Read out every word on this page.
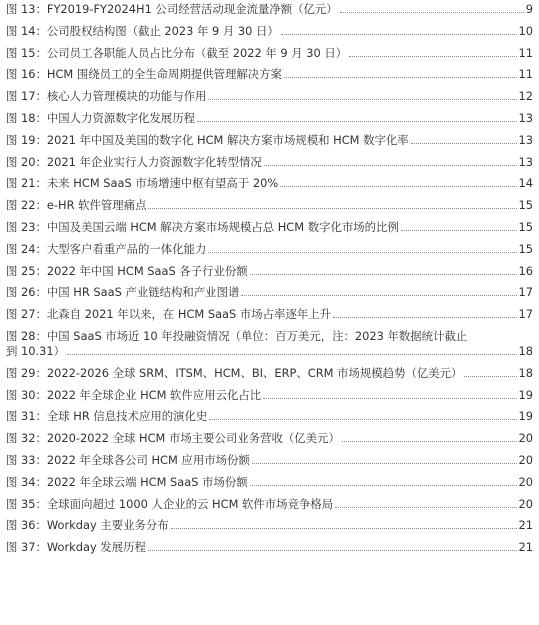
图 13：FY2019-FY2024H1 公司经营活动现金流量净额（亿元）	9
图 14：公司股权结构图（截止 2023 年 9 月 30 日）	10
图 15：公司员工各职能人员占比分布（截至 2022 年 9 月 30 日）	11
图 16：HCM 围绕员工的全生命周期提供管理解决方案	11
图 17：核心人力管理模块的功能与作用	12
图 18：中国人力资源数字化发展历程	13
图 19：2021 年中国及美国的数字化 HCM 解决方案市场规模和 HCM 数字化率	13
图 20：2021 年企业实行人力资源数字化转型情况	13
图 21：未来 HCM SaaS 市场增速中枢有望高于 20%	14
图 22：e-HR 软件管理痛点	15
图 23：中国及美国云端 HCM 解决方案市场规模占总 HCM 数字化市场的比例	15
图 24：大型客户看重产品的一体化能力	15
图 25：2022 年中国 HCM SaaS 各子行业份额	16
图 26：中国 HR SaaS 产业链结构和产业图谱	17
图 27：北森自 2021 年以来，在 HCM SaaS 市场占率逐年上升	17
图 28：中国 SaaS 市场近 10 年投融资情况（单位：百万美元，注：2023 年数据统计截止
到 10.31）	18
图 29：2022-2026 全球 SRM、ITSM、HCM、BI、ERP、CRM 市场规模趋势（亿美元）	18
图 30：2022 年全球企业 HCM 软件应用云化占比	19
图 31：全球 HR 信息技术应用的演化史	19
图 32：2020-2022 全球 HCM 市场主要公司业务营收（亿美元）	20
图 33：2022 年全球各公司 HCM 应用市场份额	20
图 34：2022 年全球云端 HCM SaaS 市场份额	20
图 35：全球面向超过 1000 人企业的云 HCM 软件市场竞争格局	20
图 36：Workday 主要业务分布	21
图 37：Workday 发展历程	21
